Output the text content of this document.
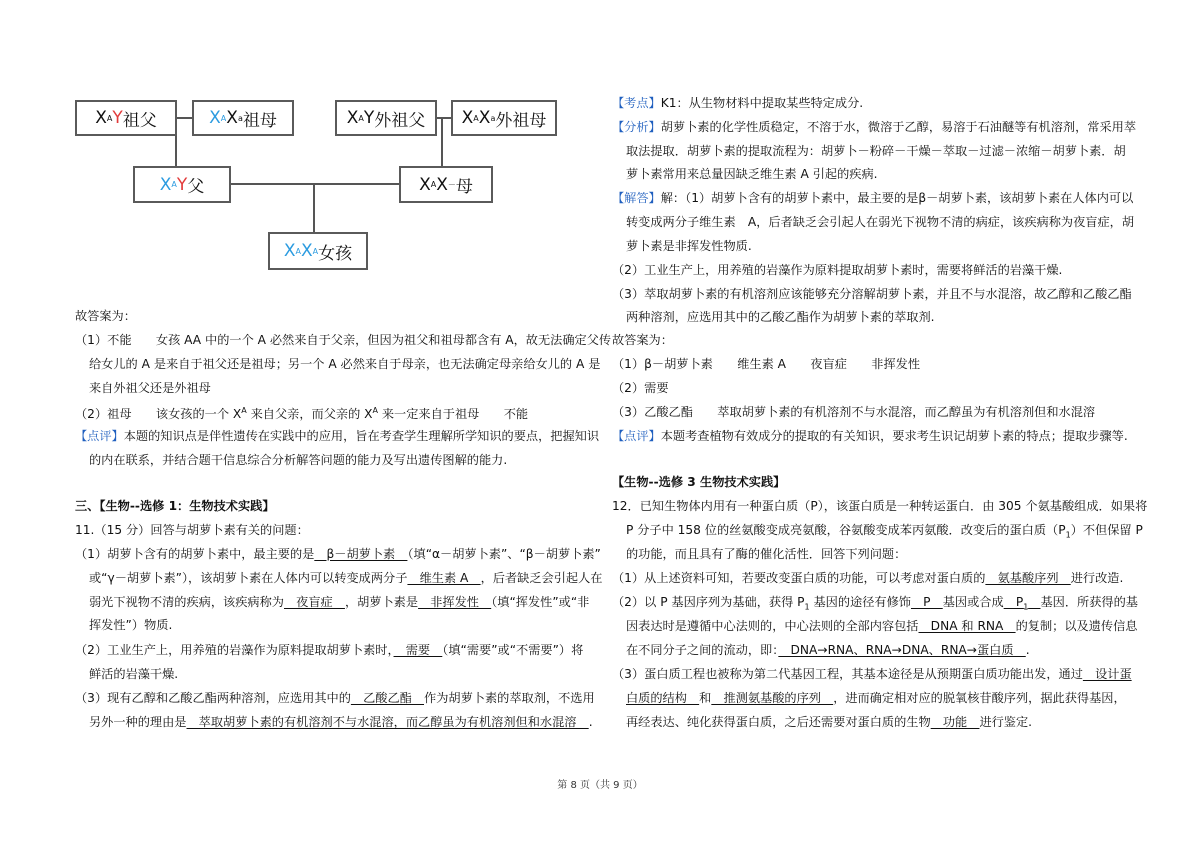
X A Y 祖父	X A X a 祖母	X A Y 外祖父 X A X a 外祖母
X A Y 父	X A X － 母
X A X A 女孩
故答案为：
（1）不能　　女孩 AA 中的一个 A 必然来自于父亲，但因为祖父和祖母都含有 A，故无法确定父传
给女儿的 A 是来自于祖父还是祖母；另一个 A 必然来自于母亲，也无法确定母亲给女儿的 A 是
来自外祖父还是外祖母
（2）祖母　　该女孩的一个 $X^A$ 来自父亲，而父亲的 $X^A$ 来一定来自于祖母　　不能
【点评】本题的知识点是伴性遗传在实践中的应用，旨在考查学生理解所学知识的要点，把握知识
的内在联系，并结合题干信息综合分析解答问题的能力及写出遗传图解的能力.
三、【生物--选修 1：生物技术实践】
11.（15 分）回答与胡萝卜素有关的问题：
（1）胡萝卜含有的胡萝卜素中，最主要的是　β－胡萝卜素　（填“α－胡萝卜素”、“β－胡萝卜素”
或“γ－胡萝卜素”），该胡萝卜素在人体内可以转变成两分子　维生素 A　，后者缺乏会引起人在
弱光下视物不清的疾病，该疾病称为　夜盲症　，胡萝卜素是　非挥发性　（填“挥发性”或“非
挥发性”）物质.
（2）工业生产上，用养殖的岩藻作为原料提取胡萝卜素时，　需要　（填“需要”或“不需要”）将
鲜活的岩藻干燥.
（3）现有乙醇和乙酸乙酯两种溶剂，应选用其中的　乙酸乙酯　作为胡萝卜素的萃取剂，不选用
另外一种的理由是　萃取胡萝卜素的有机溶剂不与水混溶，而乙醇虽为有机溶剂但和水混溶　.
【考点】K1：从生物材料中提取某些特定成分.
【分析】胡萝卜素的化学性质稳定，不溶于水，微溶于乙醇，易溶于石油醚等有机溶剂，常采用萃
取法提取．胡萝卜素的提取流程为：胡萝卜－粉碎－干燥－萃取－过滤－浓缩－胡萝卜素．胡
萝卜素常用来总量因缺乏维生素 A 引起的疾病.
【解答】解：（1）胡萝卜含有的胡萝卜素中，最主要的是β－胡萝卜素，该胡萝卜素在人体内可以
转变成两分子维生素　A，后者缺乏会引起人在弱光下视物不清的病症，该疾病称为夜盲症，胡
萝卜素是非挥发性物质.
（2）工业生产上，用养殖的岩藻作为原料提取胡萝卜素时，需要将鲜活的岩藻干燥.
（3）萃取胡萝卜素的有机溶剂应该能够充分溶解胡萝卜素，并且不与水混溶，故乙醇和乙酸乙酯
两种溶剂，应选用其中的乙酸乙酯作为胡萝卜素的萃取剂.
故答案为：
（1）β－胡萝卜素　　维生素 A　　夜盲症　　非挥发性
（2）需要
（3）乙酸乙酯　　萃取胡萝卜素的有机溶剂不与水混溶，而乙醇虽为有机溶剂但和水混溶
【点评】本题考查植物有效成分的提取的有关知识，要求考生识记胡萝卜素的特点；提取步骤等.
【生物--选修 3 生物技术实践】
12．已知生物体内用有一种蛋白质（P），该蛋白质是一种转运蛋白．由 305 个氨基酸组成．如果将
P 分子中 158 位的丝氨酸变成亮氨酸，谷氨酸变成苯丙氨酸．改变后的蛋白质$(P_1)$不但保留 P
的功能，而且具有了酶的催化活性．回答下列问题：
（1）从上述资料可知，若要改变蛋白质的功能，可以考虑对蛋白质的　氨基酸序列　进行改造.
（2）以 P 基因序列为基础，获得 $P_1$ 基因的途径有修饰　P　基因或合成　$P_1$　 基因．所获得的基
因表达时是遵循中心法则的，中心法则的全部内容包括　DNA 和 RNA　的复制；以及遗传信息
在不同分子之间的流动，即：　DNA→RNA、RNA→DNA、RNA→蛋白质　.
（3）蛋白质工程也被称为第二代基因工程，其基本途径是从预期蛋白质功能出发，通过　设计蛋
白质的结构　和　推测氨基酸的序列　，进而确定相对应的脱氧核苷酸序列，据此获得基因，
再经表达、纯化获得蛋白质，之后还需要对蛋白质的生物　功能　进行鉴定.
第 8 页（共 9 页）
